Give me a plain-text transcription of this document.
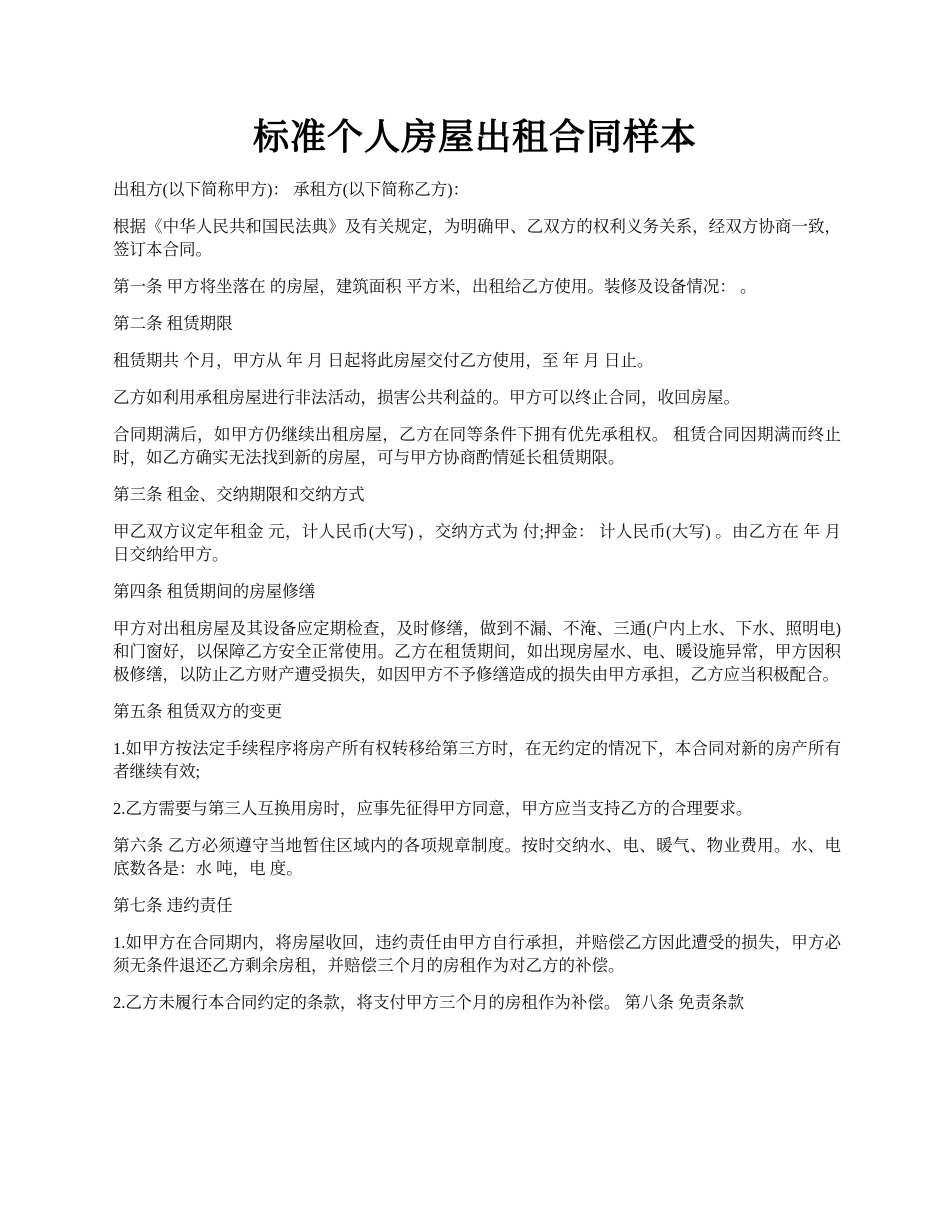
标准个人房屋出租合同样本

出租方(以下简称甲方)： 承租方(以下简称乙方)：

根据《中华人民共和国民法典》及有关规定，为明确甲、乙双方的权利义务关系，经双方协商一致，签订本合同。

第一条 甲方将坐落在 的房屋，建筑面积 平方米，出租给乙方使用。装修及设备情况： 。

第二条 租赁期限

租赁期共 个月，甲方从 年 月 日起将此房屋交付乙方使用，至 年 月 日止。

乙方如利用承租房屋进行非法活动，损害公共利益的。甲方可以终止合同，收回房屋。

合同期满后，如甲方仍继续出租房屋，乙方在同等条件下拥有优先承租权。 租赁合同因期满而终止时，如乙方确实无法找到新的房屋，可与甲方协商酌情延长租赁期限。

第三条 租金、交纳期限和交纳方式

甲乙双方议定年租金 元，计人民币(大写) ，交纳方式为 付;押金： 计人民币(大写) 。由乙方在 年 月 日交纳给甲方。

第四条 租赁期间的房屋修缮

甲方对出租房屋及其设备应定期检查，及时修缮，做到不漏、不淹、三通(户内上水、下水、照明电)和门窗好，以保障乙方安全正常使用。乙方在租赁期间，如出现房屋水、电、暖设施异常，甲方因积极修缮，以防止乙方财产遭受损失，如因甲方不予修缮造成的损失由甲方承担，乙方应当积极配合。

第五条 租赁双方的变更

1.如甲方按法定手续程序将房产所有权转移给第三方时，在无约定的情况下，本合同对新的房产所有者继续有效;

2.乙方需要与第三人互换用房时，应事先征得甲方同意，甲方应当支持乙方的合理要求。

第六条 乙方必须遵守当地暂住区域内的各项规章制度。按时交纳水、电、暖气、物业费用。水、电底数各是：水 吨，电 度。

第七条 违约责任

1.如甲方在合同期内，将房屋收回，违约责任由甲方自行承担，并赔偿乙方因此遭受的损失，甲方必须无条件退还乙方剩余房租，并赔偿三个月的房租作为对乙方的补偿。

2.乙方未履行本合同约定的条款，将支付甲方三个月的房租作为补偿。 第八条 免责条款
